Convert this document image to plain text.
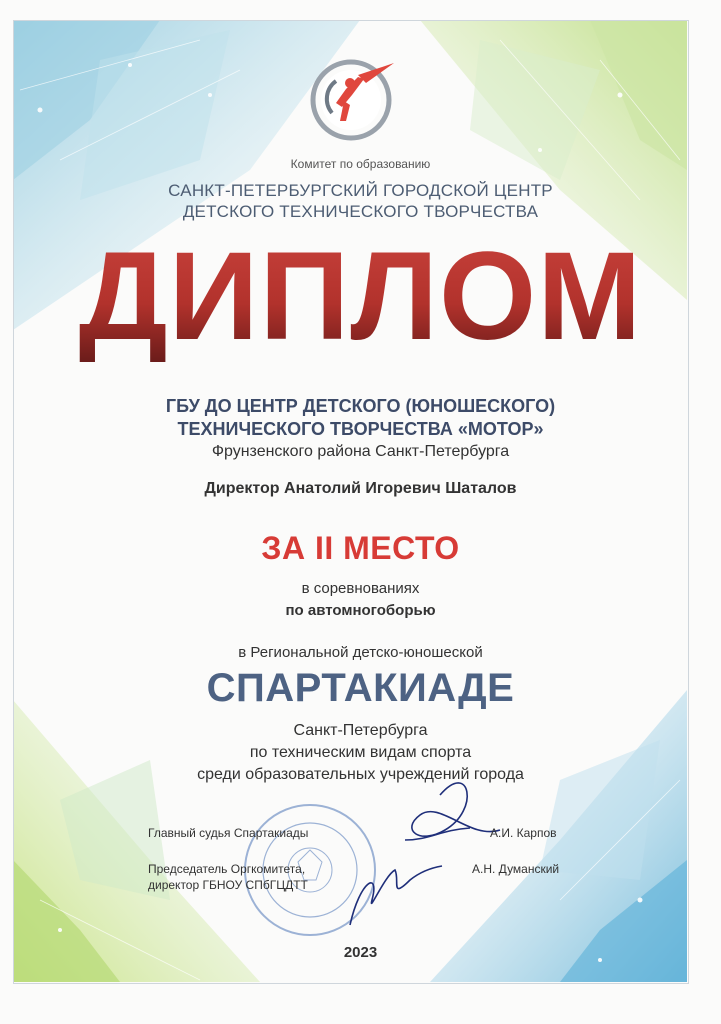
Комитет по образованию
САНКТ-ПЕТЕРБУРГСКИЙ ГОРОДСКОЙ ЦЕНТР
ДЕТСКОГО ТЕХНИЧЕСКОГО ТВОРЧЕСТВА
ДИПЛОМ
ГБУ ДО ЦЕНТР ДЕТСКОГО (ЮНОШЕСКОГО)
ТЕХНИЧЕСКОГО ТВОРЧЕСТВА «МОТОР»
Фрунзенского района Санкт-Петербурга
Директор Анатолий Игоревич Шаталов
ЗА II МЕСТО
в соревнованиях
по автомногоборью
в Региональной детско-юношеской
СПАРТАКИАДЕ
Санкт-Петербурга
по техническим видам спорта
среди образовательных учреждений города
Главный судья Спартакиады	А.И. Карпов
Председатель Оргкомитета,
директор ГБНОУ СПбГЦДТТ
А.Н. Думанский
2023
